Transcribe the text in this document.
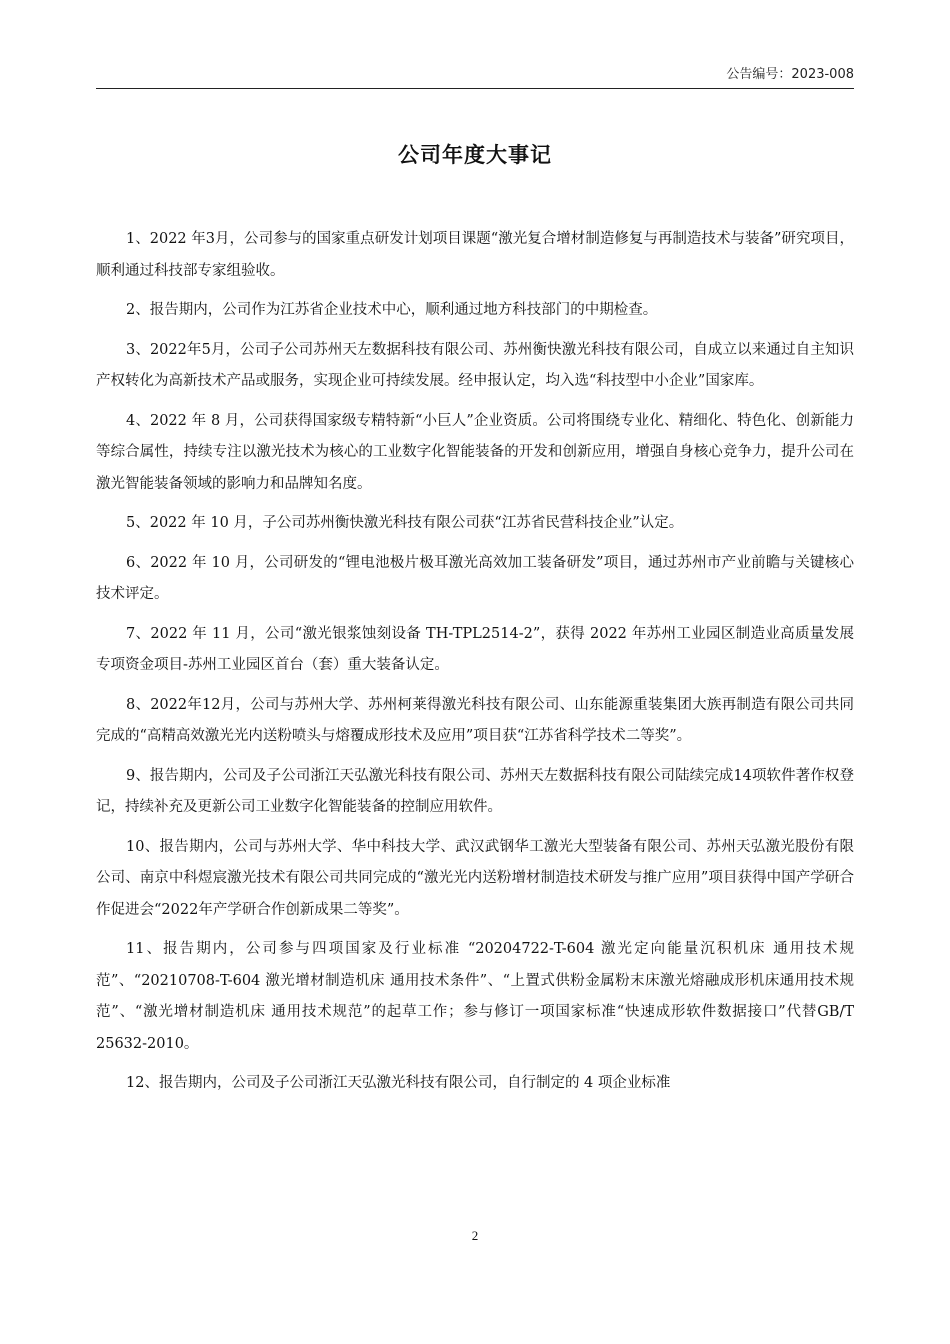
公告编号：2023-008
公司年度大事记

1、2022 年3月，公司参与的国家重点研发计划项目课题“激光复合增材制造修复与再制造技术与装备”研究项目，顺利通过科技部专家组验收。

2、报告期内，公司作为江苏省企业技术中心，顺利通过地方科技部门的中期检查。

3、2022年5月，公司子公司苏州天左数据科技有限公司、苏州衡快激光科技有限公司，自成立以来通过自主知识产权转化为高新技术产品或服务，实现企业可持续发展。经申报认定，均入选“科技型中小企业”国家库。

4、2022 年 8 月，公司获得国家级专精特新“小巨人”企业资质。公司将围绕专业化、精细化、特色化、创新能力等综合属性，持续专注以激光技术为核心的工业数字化智能装备的开发和创新应用，增强自身核心竞争力，提升公司在激光智能装备领域的影响力和品牌知名度。

5、2022 年 10 月，子公司苏州衡快激光科技有限公司获“江苏省民营科技企业”认定。

6、2022 年 10 月，公司研发的“锂电池极片极耳激光高效加工装备研发”项目，通过苏州市产业前瞻与关键核心技术评定。

7、2022 年 11 月，公司“激光银浆蚀刻设备 TH-TPL2514-2”，获得 2022 年苏州工业园区制造业高质量发展专项资金项目-苏州工业园区首台（套）重大装备认定。

8、2022年12月，公司与苏州大学、苏州柯莱得激光科技有限公司、山东能源重装集团大族再制造有限公司共同完成的“高精高效激光光内送粉喷头与熔覆成形技术及应用”项目获“江苏省科学技术二等奖”。

9、报告期内，公司及子公司浙江天弘激光科技有限公司、苏州天左数据科技有限公司陆续完成14项软件著作权登记，持续补充及更新公司工业数字化智能装备的控制应用软件。

10、报告期内，公司与苏州大学、华中科技大学、武汉武钢华工激光大型装备有限公司、苏州天弘激光股份有限公司、南京中科煜宸激光技术有限公司共同完成的“激光光内送粉增材制造技术研发与推广应用”项目获得中国产学研合作促进会“2022年产学研合作创新成果二等奖”。

11、报告期内，公司参与四项国家及行业标准 “20204722-T-604 激光定向能量沉积机床 通用技术规范”、“20210708-T-604 激光增材制造机床 通用技术条件”、“上置式供粉金属粉末床激光熔融成形机床通用技术规范”、“激光增材制造机床 通用技术规范”的起草工作；参与修订一项国家标准“快速成形软件数据接口”代替GB/T 25632-2010。

12、报告期内，公司及子公司浙江天弘激光科技有限公司，自行制定的 4 项企业标准

2
